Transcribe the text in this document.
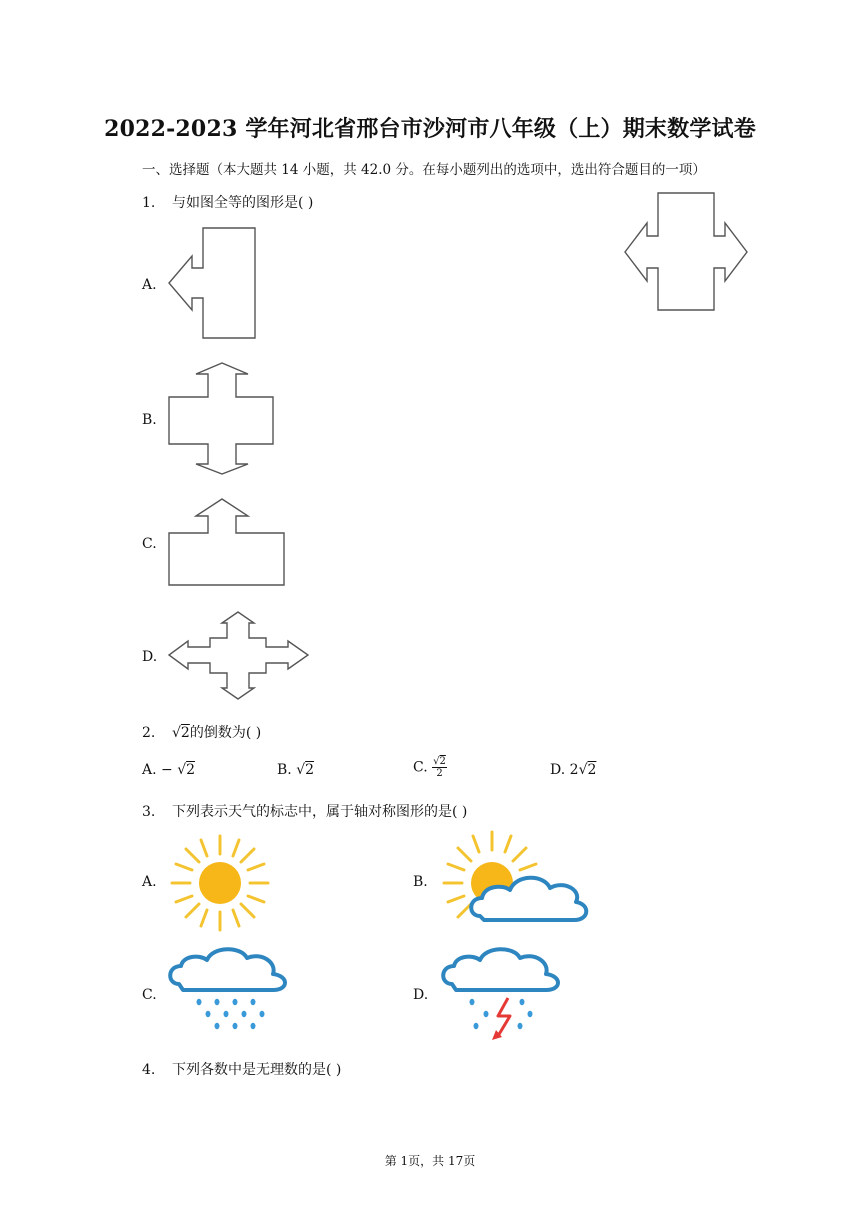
2022-2023 学年河北省邢台市沙河市八年级（上）期末数学试卷
一、选择题（本大题共 14 小题，共 42.0 分。在每小题列出的选项中，选出符合题目的一项）
1. 与如图全等的图形是( )
A.
B.
C.
D.
2. √2的倒数为( )
A. − √2	B. √2	C. $\frac{√2}{2}$	D. 2√2
3. 下列表示天气的标志中，属于轴对称图形的是( )
A.	B.
C.	D.
4. 下列各数中是无理数的是( )
第 1页，共 17页
